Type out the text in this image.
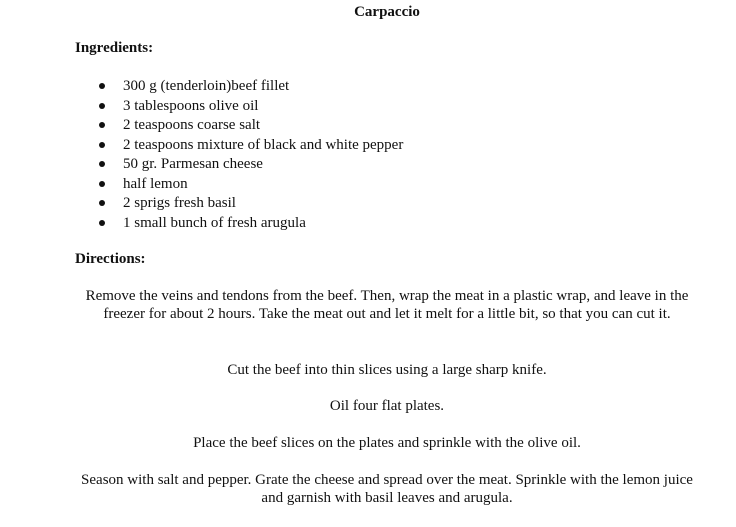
Carpaccio
Ingredients:
300 g (tenderloin)beef fillet
3 tablespoons olive oil
2 teaspoons coarse salt
2 teaspoons mixture of black and white pepper
50 gr. Parmesan cheese
half lemon
2 sprigs fresh basil
1 small bunch of fresh arugula
Directions:

Remove the veins and tendons from the beef. Then, wrap the meat in a plastic wrap, and leave in the freezer for about 2 hours. Take the meat out and let it melt for a little bit, so that you can cut it.

Cut the beef into thin slices using a large sharp knife.

Oil four flat plates.

Place the beef slices on the plates and sprinkle with the olive oil.

Season with salt and pepper. Grate the cheese and spread over the meat. Sprinkle with the lemon juice and garnish with basil leaves and arugula.
